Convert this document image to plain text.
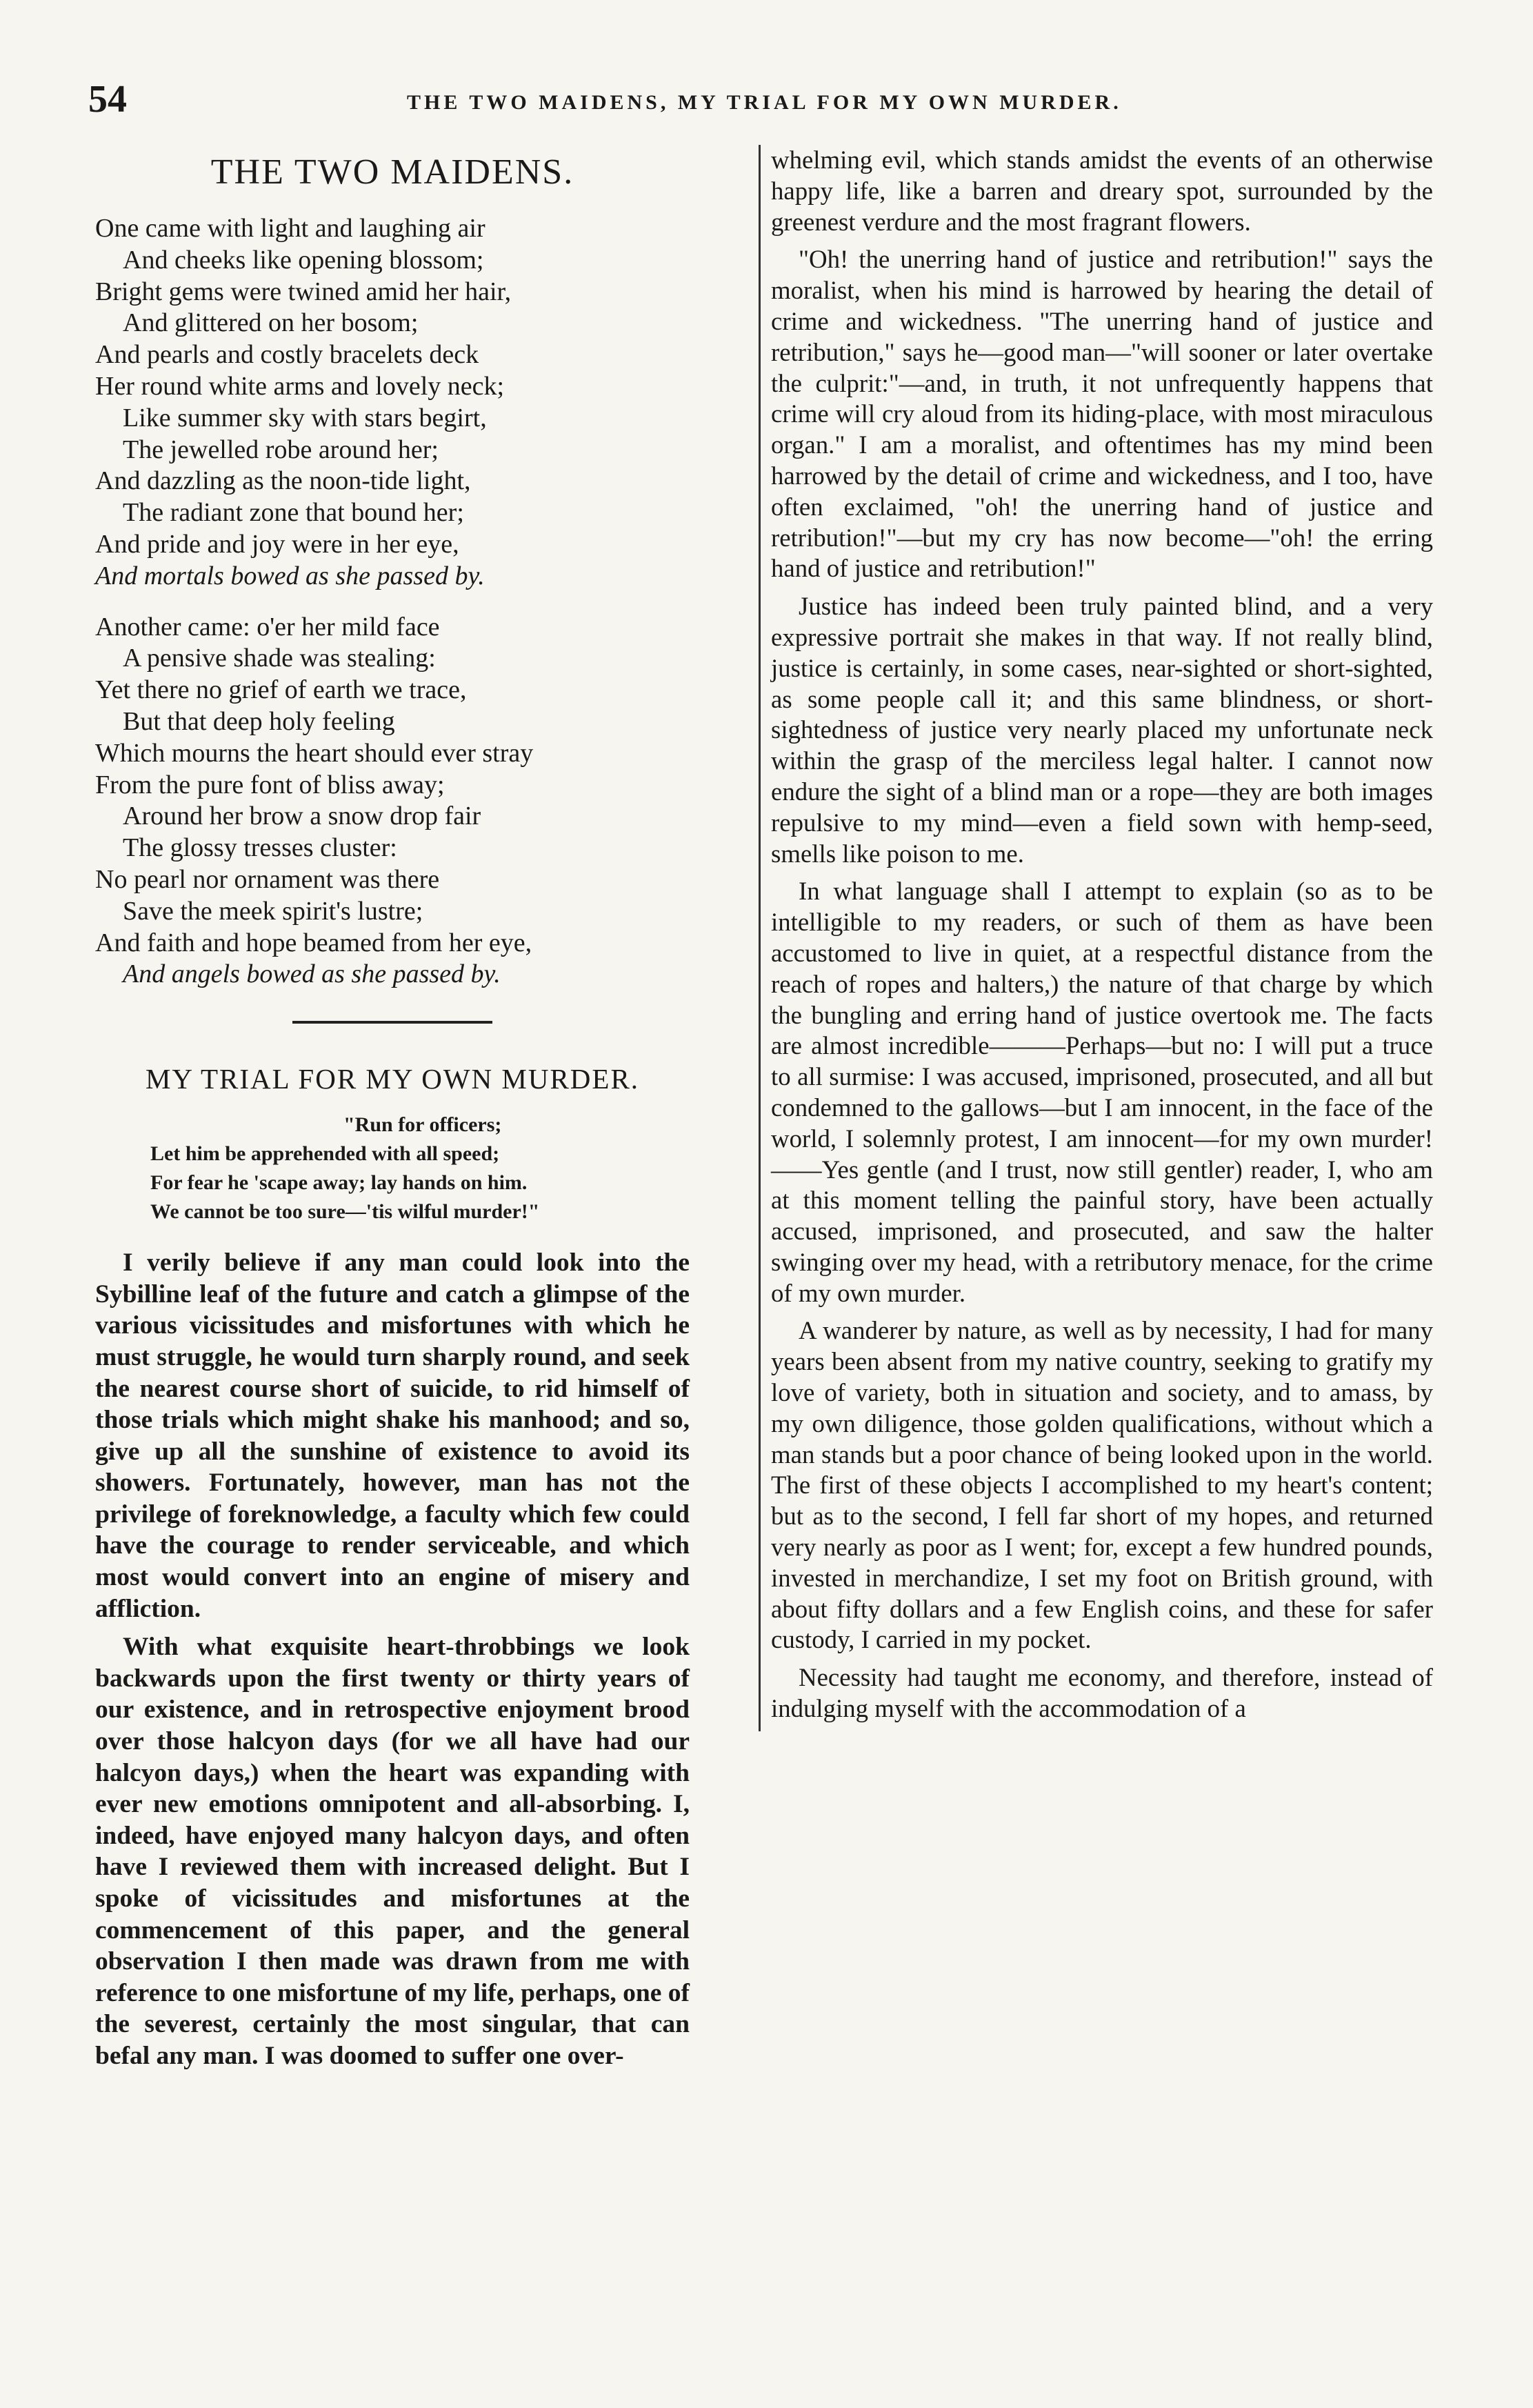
54	THE TWO MAIDENS, MY TRIAL FOR MY OWN MURDER.
THE TWO MAIDENS.
One came with light and laughing air
And cheeks like opening blossom;
Bright gems were twined amid her hair,
And glittered on her bosom;
And pearls and costly bracelets deck
Her round white arms and lovely neck;
Like summer sky with stars begirt,
The jewelled robe around her;
And dazzling as the noon-tide light,
The radiant zone that bound her;
And pride and joy were in her eye,
And mortals bowed as she passed by.
Another came: o'er her mild face
A pensive shade was stealing:
Yet there no grief of earth we trace,
But that deep holy feeling
Which mourns the heart should ever stray
From the pure font of bliss away;
Around her brow a snow drop fair
The glossy tresses cluster:
No pearl nor ornament was there
Save the meek spirit's lustre;
And faith and hope beamed from her eye,
And angels bowed as she passed by.
MY TRIAL FOR MY OWN MURDER.
"Run for officers;
Let him be apprehended with all speed;
For fear he 'scape away; lay hands on him.
We cannot be too sure—'tis wilful murder!"

I verily believe if any man could look into the Sybilline leaf of the future and catch a glimpse of the various vicissitudes and misfortunes with which he must struggle, he would turn sharply round, and seek the nearest course short of suicide, to rid himself of those trials which might shake his manhood; and so, give up all the sunshine of existence to avoid its showers. Fortunately, however, man has not the privilege of foreknowledge, a faculty which few could have the courage to render serviceable, and which most would convert into an engine of misery and affliction.

With what exquisite heart-throbbings we look backwards upon the first twenty or thirty years of our existence, and in retrospective enjoyment brood over those halcyon days (for we all have had our halcyon days,) when the heart was expanding with ever new emotions omnipotent and all-absorbing. I, indeed, have enjoyed many halcyon days, and often have I reviewed them with increased delight. But I spoke of vicissitudes and misfortunes at the commencement of this paper, and the general observation I then made was drawn from me with reference to one misfortune of my life, perhaps, one of the severest, certainly the most singular, that can befal any man. I was doomed to suffer one over-

whelming evil, which stands amidst the events of an otherwise happy life, like a barren and dreary spot, surrounded by the greenest verdure and the most fragrant flowers.

"Oh! the unerring hand of justice and retribution!" says the moralist, when his mind is harrowed by hearing the detail of crime and wickedness. "The unerring hand of justice and retribution," says he—good man—"will sooner or later overtake the culprit:"—and, in truth, it not unfrequently happens that crime will cry aloud from its hiding-place, with most miraculous organ." I am a moralist, and oftentimes has my mind been harrowed by the detail of crime and wickedness, and I too, have often exclaimed, "oh! the unerring hand of justice and retribution!"—but my cry has now become—"oh! the erring hand of justice and retribution!"

Justice has indeed been truly painted blind, and a very expressive portrait she makes in that way. If not really blind, justice is certainly, in some cases, near-sighted or short-sighted, as some people call it; and this same blindness, or short-sightedness of justice very nearly placed my unfortunate neck within the grasp of the merciless legal halter. I cannot now endure the sight of a blind man or a rope—they are both images repulsive to my mind—even a field sown with hemp-seed, smells like poison to me.

In what language shall I attempt to explain (so as to be intelligible to my readers, or such of them as have been accustomed to live in quiet, at a respectful distance from the reach of ropes and halters,) the nature of that charge by which the bungling and erring hand of justice overtook me. The facts are almost incredible———Perhaps—but no: I will put a truce to all surmise: I was accused, imprisoned, prosecuted, and all but condemned to the gallows—but I am innocent, in the face of the world, I solemnly protest, I am innocent—for my own murder!——Yes gentle (and I trust, now still gentler) reader, I, who am at this moment telling the painful story, have been actually accused, imprisoned, and prosecuted, and saw the halter swinging over my head, with a retributory menace, for the crime of my own murder.

A wanderer by nature, as well as by necessity, I had for many years been absent from my native country, seeking to gratify my love of variety, both in situation and society, and to amass, by my own diligence, those golden qualifications, without which a man stands but a poor chance of being looked upon in the world. The first of these objects I accomplished to my heart's content; but as to the second, I fell far short of my hopes, and returned very nearly as poor as I went; for, except a few hundred pounds, invested in merchandize, I set my foot on British ground, with about fifty dollars and a few English coins, and these for safer custody, I carried in my pocket.

Necessity had taught me economy, and therefore, instead of indulging myself with the accommodation of a
